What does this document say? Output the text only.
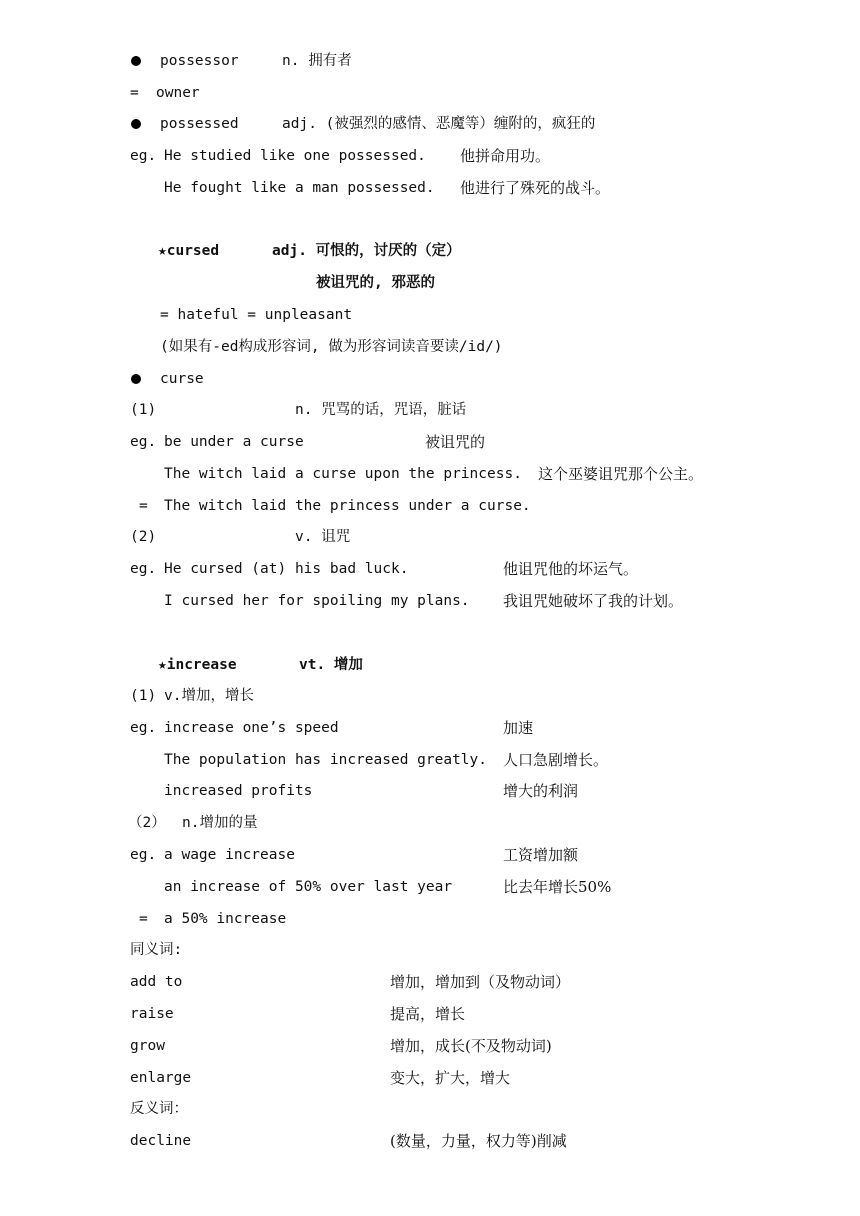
possessor	n. 拥有者
= owner
possessed	adj. (被强烈的感情、恶魔等）缠附的，疯狂的
eg. He studied like one possessed. 他拼命用功。
He fought like a man possessed. 他进行了殊死的战斗。
★cursed	adj. 可恨的，讨厌的（定）
被诅咒的, 邪恶的
= hateful = unpleasant
(如果有-ed构成形容词, 做为形容词读音要读/id/)
curse
(1)	n. 咒骂的话，咒语，脏话
eg. be under a curse	被诅咒的
The witch laid a curse upon the princess. 这个巫婆诅咒那个公主。
= The witch laid the princess under a curse.
(2)	v. 诅咒
eg. He cursed (at) his bad luck.	他诅咒他的坏运气。
I cursed her for spoiling my plans. 我诅咒她破坏了我的计划。
★increase	vt. 增加
(1) v.增加，增长
eg. increase one’s speed	加速
The population has increased greatly. 人口急剧增长。
increased profits	增大的利润
（2） n.增加的量
eg. a wage increase	工资增加额
an increase of 50% over last year	比去年增长50%
= a 50% increase
同义词:
add to	增加，增加到（及物动词）
raise	提高，增长
grow	增加，成长(不及物动词)
enlarge	变大，扩大，增大
反义词：
decline	(数量，力量，权力等)削减
